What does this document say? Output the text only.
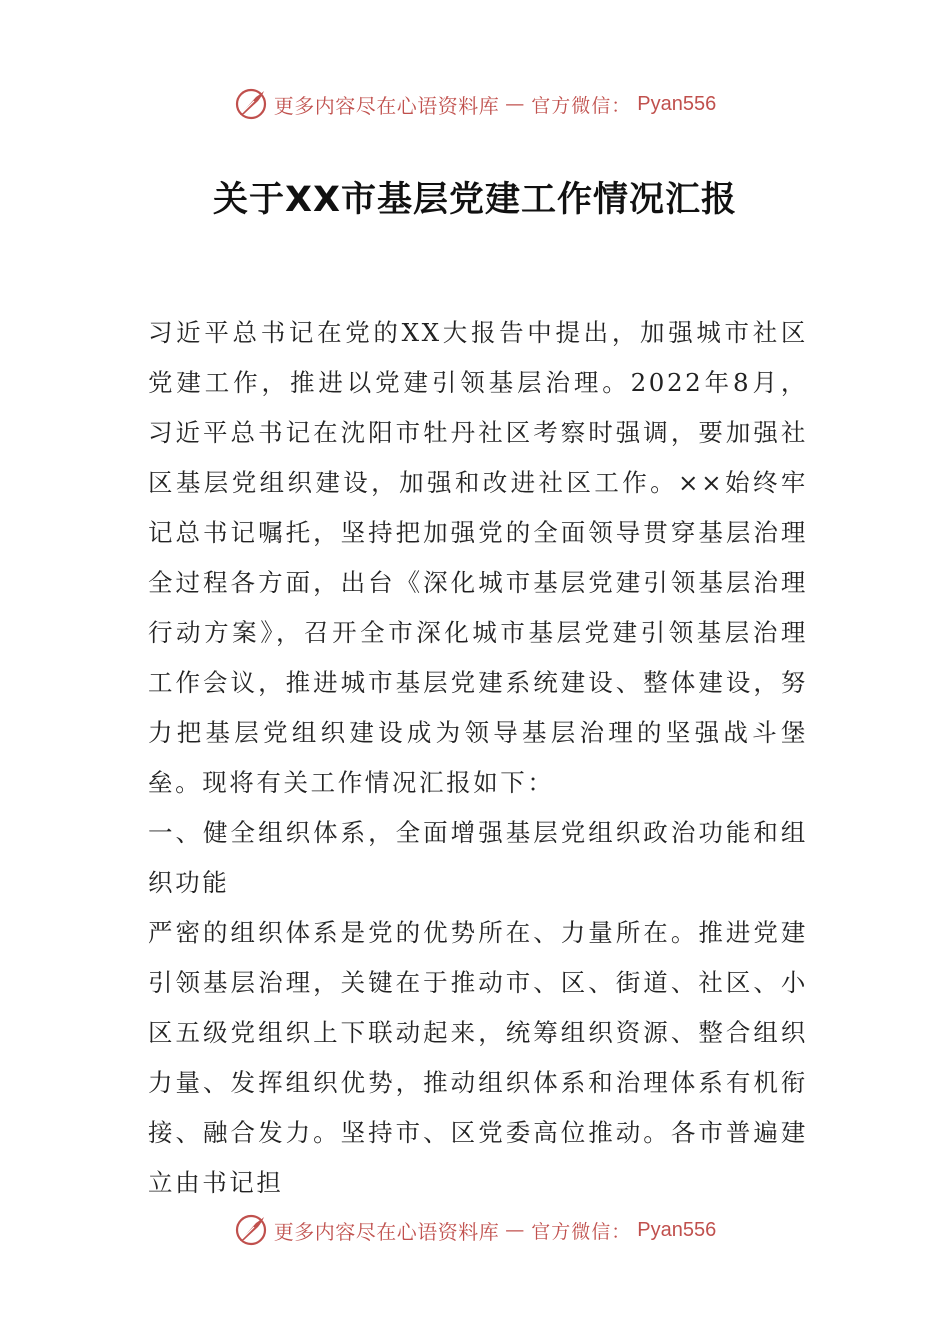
更多内容尽在心语资料库 — 官方微信： Pyan556
关于XX市基层党建工作情况汇报

习近平总书记在党的XX大报告中提出，加强城市社区党建工作，推进以党建引领基层治理。2022年8月，习近平总书记在沈阳市牡丹社区考察时强调，要加强社区基层党组织建设，加强和改进社区工作。××始终牢记总书记嘱托，坚持把加强党的全面领导贯穿基层治理全过程各方面，出台《深化城市基层党建引领基层治理行动方案》，召开全市深化城市基层党建引领基层治理工作会议，推进城市基层党建系统建设、整体建设，努力把基层党组织建设成为领导基层治理的坚强战斗堡垒。现将有关工作情况汇报如下：

一、健全组织体系，全面增强基层党组织政治功能和组织功能

严密的组织体系是党的优势所在、力量所在。推进党建引领基层治理，关键在于推动市、区、街道、社区、小区五级党组织上下联动起来，统筹组织资源、整合组织力量、发挥组织优势，推动组织体系和治理体系有机衔接、融合发力。坚持市、区党委高位推动。各市普遍建立由书记担

更多内容尽在心语资料库 — 官方微信： Pyan556
